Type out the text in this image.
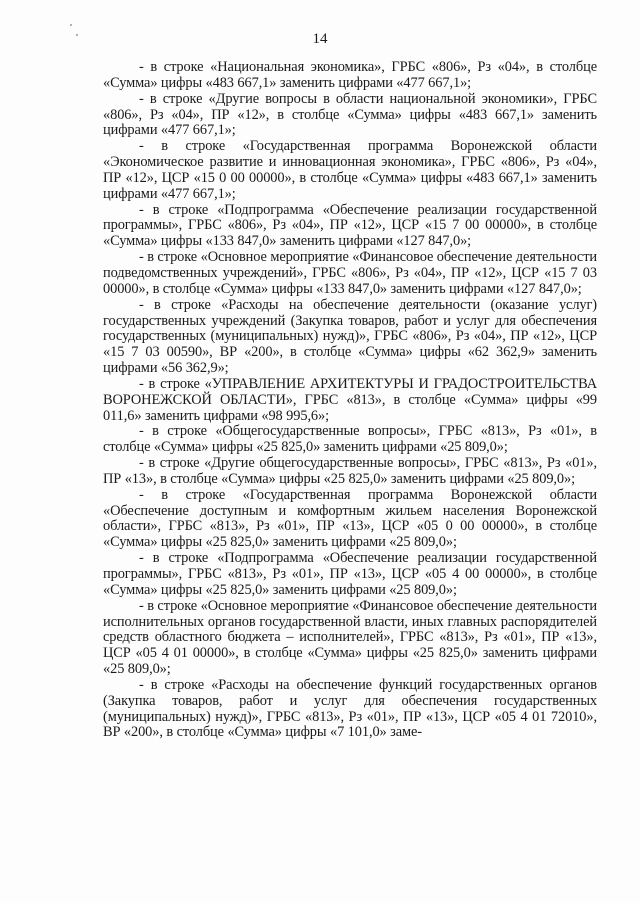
14

- в строке «Национальная экономика», ГРБС «806», Рз «04», в столбце «Сумма» цифры «483 667,1» заменить цифрами «477 667,1»;

- в строке «Другие вопросы в области национальной экономики», ГРБС «806», Рз «04», ПР «12», в столбце «Сумма» цифры «483 667,1» заменить цифрами «477 667,1»;

- в строке «Государственная программа Воронежской области «Экономическое развитие и инновационная экономика», ГРБС «806», Рз «04», ПР «12», ЦСР «15 0 00 00000», в столбце «Сумма» цифры «483 667,1» заменить цифрами «477 667,1»;

- в строке «Подпрограмма «Обеспечение реализации государственной программы», ГРБС «806», Рз «04», ПР «12», ЦСР «15 7 00 00000», в столбце «Сумма» цифры «133 847,0» заменить цифрами «127 847,0»;

- в строке «Основное мероприятие «Финансовое обеспечение деятельности подведомственных учреждений», ГРБС «806», Рз «04», ПР «12», ЦСР «15 7 03 00000», в столбце «Сумма» цифры «133 847,0» заменить цифрами «127 847,0»;

- в строке «Расходы на обеспечение деятельности (оказание услуг) государственных учреждений (Закупка товаров, работ и услуг для обеспечения государственных (муниципальных) нужд)», ГРБС «806», Рз «04», ПР «12», ЦСР «15 7 03 00590», ВР «200», в столбце «Сумма» цифры «62 362,9» заменить цифрами «56 362,9»;

- в строке «УПРАВЛЕНИЕ АРХИТЕКТУРЫ И ГРАДОСТРОИТЕЛЬСТВА ВОРОНЕЖСКОЙ ОБЛАСТИ», ГРБС «813», в столбце «Сумма» цифры «99 011,6» заменить цифрами «98 995,6»;

- в строке «Общегосударственные вопросы», ГРБС «813», Рз «01», в столбце «Сумма» цифры «25 825,0» заменить цифрами «25 809,0»;

- в строке «Другие общегосударственные вопросы», ГРБС «813», Рз «01», ПР «13», в столбце «Сумма» цифры «25 825,0» заменить цифрами «25 809,0»;

- в строке «Государственная программа Воронежской области «Обеспечение доступным и комфортным жильем населения Воронежской области», ГРБС «813», Рз «01», ПР «13», ЦСР «05 0 00 00000», в столбце «Сумма» цифры «25 825,0» заменить цифрами «25 809,0»;

- в строке «Подпрограмма «Обеспечение реализации государственной программы», ГРБС «813», Рз «01», ПР «13», ЦСР «05 4 00 00000», в столбце «Сумма» цифры «25 825,0» заменить цифрами «25 809,0»;

- в строке «Основное мероприятие «Финансовое обеспечение деятельности исполнительных органов государственной власти, иных главных распорядителей средств областного бюджета – исполнителей», ГРБС «813», Рз «01», ПР «13», ЦСР «05 4 01 00000», в столбце «Сумма» цифры «25 825,0» заменить цифрами «25 809,0»;

- в строке «Расходы на обеспечение функций государственных органов (Закупка товаров, работ и услуг для обеспечения государственных (муниципальных) нужд)», ГРБС «813», Рз «01», ПР «13», ЦСР «05 4 01 72010», ВР «200», в столбце «Сумма» цифры «7 101,0» заме-
